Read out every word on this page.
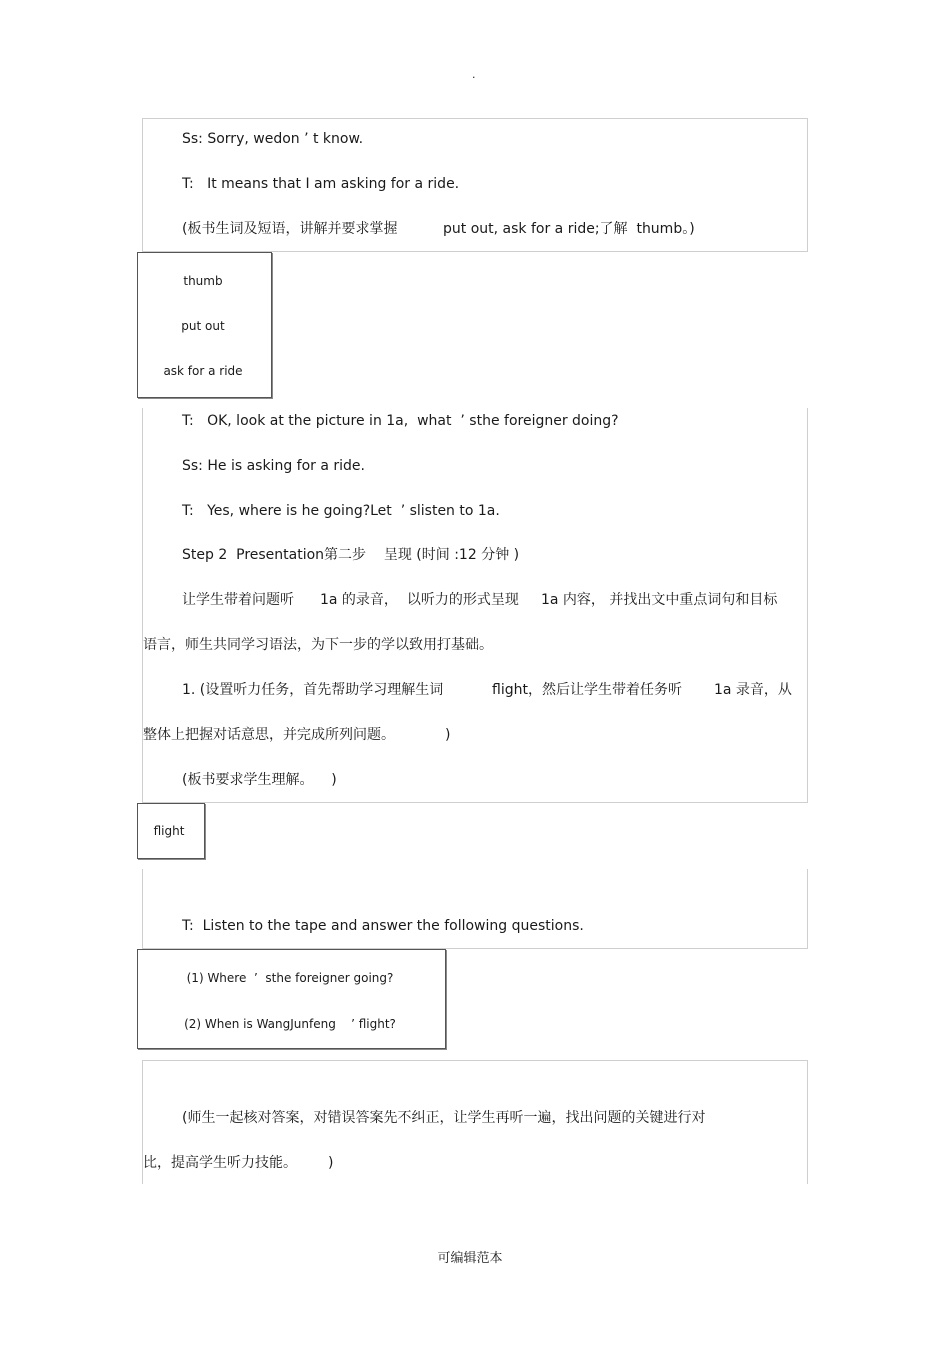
.
Ss: Sorry, wedon ’ t know.
T:   It means that I am asking for a ride.
(板书生词及短语，讲解并要求掌握	put out, ask for a ride;了解  thumb。)
thumb
put out
ask for a ride
T:   OK, look at the picture in 1a,  what  ’ sthe foreigner doing?
Ss: He is asking for a ride.
T:   Yes, where is he going?Let  ’ slisten to 1a.
Step 2  Presentation第二步    呈现 (时间 :12 分钟 )
让学生带着问题听 1a 的录音，  以听力的形式呈现 1a 内容， 并找出文中重点词句和目标
语言，师生共同学习语法，为下一步的学以致用打基础。
1. (设置听力任务，首先帮助学习理解生词	flight，然后让学生带着任务听 1a 录音，从
整体上把握对话意思，并完成所列问题。	)
(板书要求学生理解。    )
flight
T:  Listen to the tape and answer the following questions.
(1) Where  ’  sthe foreigner going?
(2) When is WangJunfeng    ’ flight?
(师生一起核对答案，对错误答案先不纠正，让学生再听一遍，找出问题的关键进行对
比，提高学生听力技能。 )
可编辑范本
